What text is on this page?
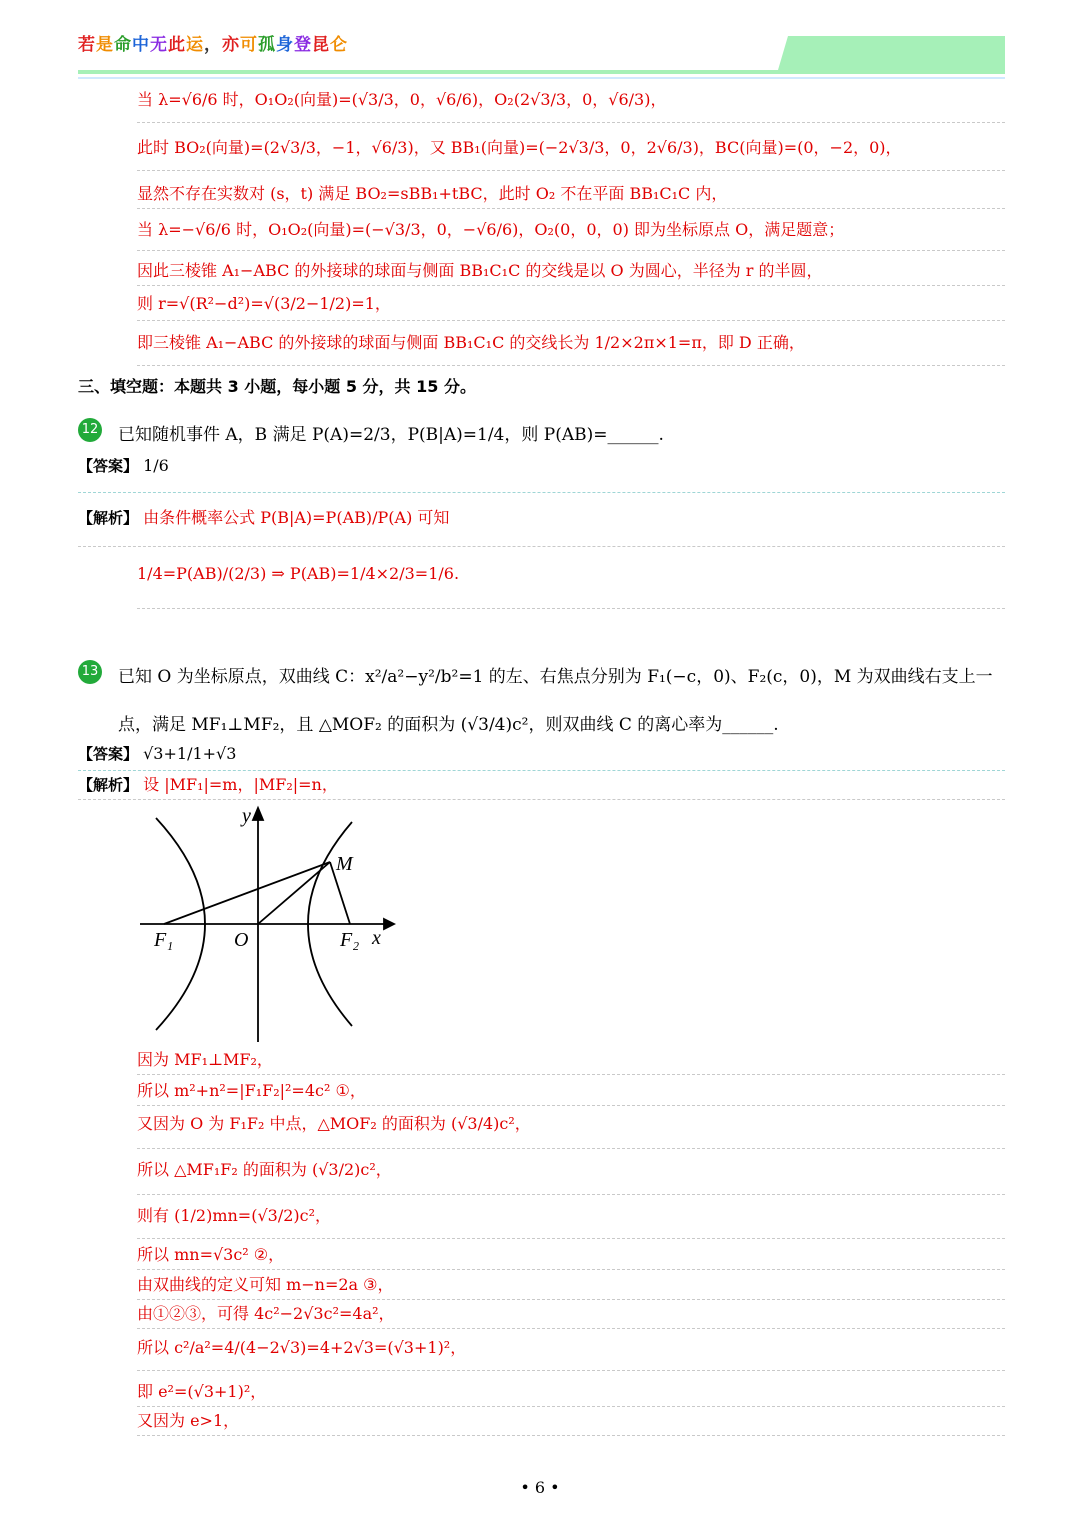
若是命中无此运，亦可孤身登昆仑
当 λ=√6/6 时，O₁O₂(向量)=(√3/3，0，√6/6)，O₂(2√3/3，0，√6/3)，
此时 BO₂(向量)=(2√3/3，−1，√6/3)，又 BB₁(向量)=(−2√3/3，0，2√6/3)，BC(向量)=(0，−2，0)，
显然不存在实数对 (s，t) 满足 BO₂=sBB₁+tBC，此时 O₂ 不在平面 BB₁C₁C 内，
当 λ=−√6/6 时，O₁O₂(向量)=(−√3/3，0，−√6/6)，O₂(0，0，0) 即为坐标原点 O，满足题意；
因此三棱锥 A₁−ABC 的外接球的球面与侧面 BB₁C₁C 的交线是以 O 为圆心，半径为 r 的半圆，
则 r=√(R²−d²)=√(3/2−1/2)=1，
即三棱锥 A₁−ABC 的外接球的球面与侧面 BB₁C₁C 的交线长为 1/2×2π×1=π，即 D 正确，
三、填空题：本题共 3 小题，每小题 5 分，共 15 分。
12 已知随机事件 A，B 满足 P(A)=2/3，P(B|A)=1/4，则 P(AB)=______.
【答案】 1/6
【解析】 由条件概率公式 P(B|A)=P(AB)/P(A) 可知
1/4=P(AB)/(2/3) ⇒ P(AB)=1/4×2/3=1/6.
13 已知 O 为坐标原点，双曲线 C：x²/a²−y²/b²=1 的左、右焦点分别为 F₁(−c，0)、F₂(c，0)，M 为双曲线右支上一
点，满足 MF₁⊥MF₂，且 △MOF₂ 的面积为 (√3/4)c²，则双曲线 C 的离心率为______.
【答案】 √3+1/1+√3
【解析】 设 |MF₁|=m，|MF₂|=n，
y
x
M
F₁	O	F₂
因为 MF₁⊥MF₂，
所以 m²+n²=|F₁F₂|²=4c² ①，
又因为 O 为 F₁F₂ 中点，△MOF₂ 的面积为 (√3/4)c²，
所以 △MF₁F₂ 的面积为 (√3/2)c²，
则有 (1/2)mn=(√3/2)c²，
所以 mn=√3c² ②，
由双曲线的定义可知 m−n=2a ③，
由①②③，可得 4c²−2√3c²=4a²，
所以 c²/a²=4/(4−2√3)=4+2√3=(√3+1)²，
即 e²=(√3+1)²，
又因为 e>1，
• 6 •
